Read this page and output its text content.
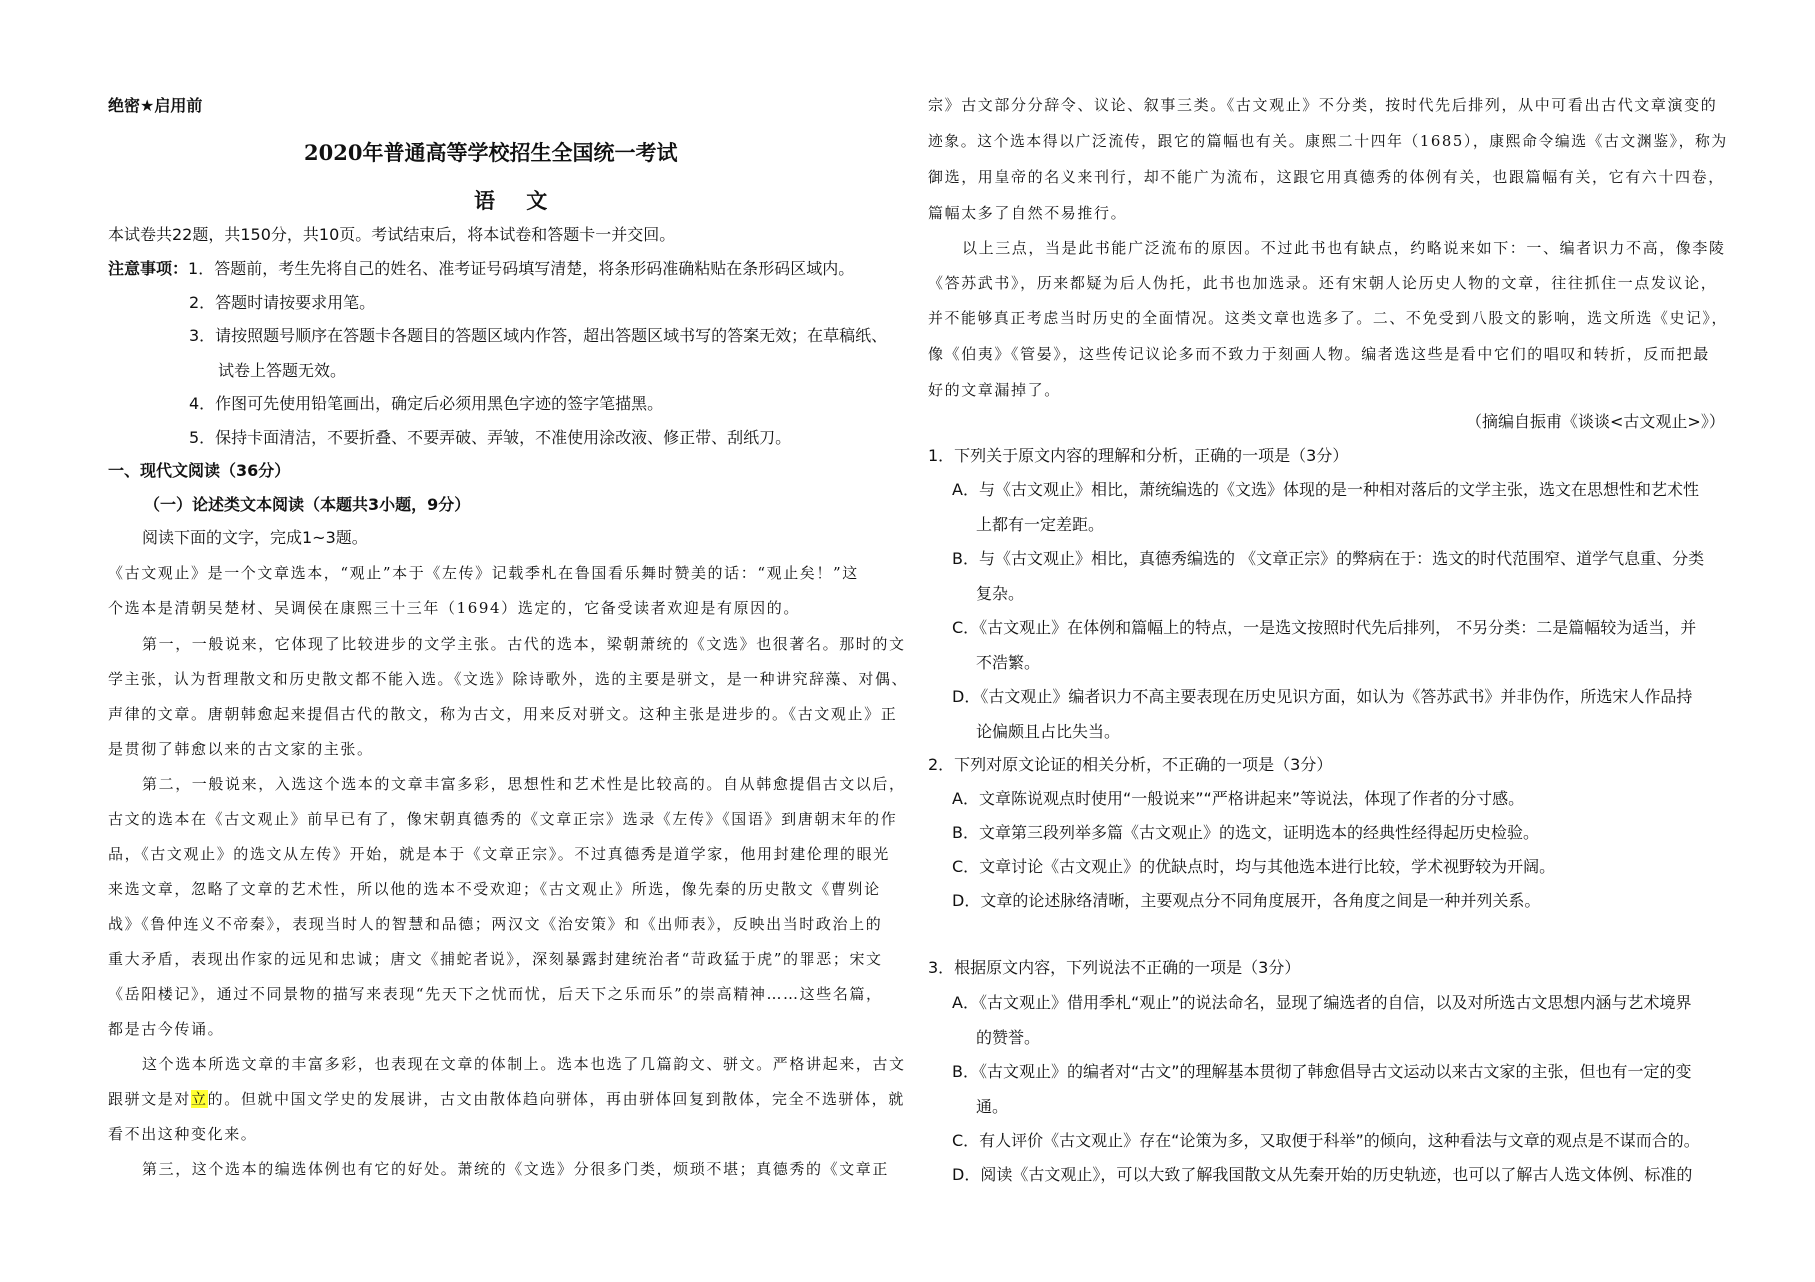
绝密★启用前
2020年普通高等学校招生全国统一考试
语 文
本试卷共22题，共150分，共10页。考试结束后，将本试卷和答题卡一并交回。
注意事项：1．答题前，考生先将自己的姓名、准考证号码填写清楚，将条形码准确粘贴在条形码区域内。
2．答题时请按要求用笔。
3．请按照题号顺序在答题卡各题目的答题区域内作答，超出答题区域书写的答案无效；在草稿纸、
试卷上答题无效。
4．作图可先使用铅笔画出，确定后必须用黑色字迹的签字笔描黑。
5．保持卡面清洁，不要折叠、不要弄破、弄皱，不准使用涂改液、修正带、刮纸刀。
一、现代文阅读（36分）
（一）论述类文本阅读（本题共3小题，9分）
阅读下面的文字，完成1~3题。
《古文观止》是一个文章选本，“观止”本于《左传》记载季札在鲁国看乐舞时赞美的话：“观止矣！”这
个选本是清朝吴楚材、吴调侯在康熙三十三年（1694）选定的，它备受读者欢迎是有原因的。
第一，一般说来，它体现了比较进步的文学主张。古代的选本，梁朝萧统的《文选》也很著名。那时的文
学主张，认为哲理散文和历史散文都不能入选。《文选》除诗歌外，选的主要是骈文，是一种讲究辞藻、对偶、
声律的文章。唐朝韩愈起来提倡古代的散文，称为古文，用来反对骈文。这种主张是进步的。《古文观止》正
是贯彻了韩愈以来的古文家的主张。
第二，一般说来，入选这个选本的文章丰富多彩，思想性和艺术性是比较高的。自从韩愈提倡古文以后，
古文的选本在《古文观止》前早已有了，像宋朝真德秀的《文章正宗》选录《左传》《国语》到唐朝末年的作
品，《古文观止》的选文从左传》开始，就是本于《文章正宗》。不过真德秀是道学家，他用封建伦理的眼光
来选文章，忽略了文章的艺术性，所以他的选本不受欢迎；《古文观止》所选，像先秦的历史散文《曹刿论
战》《鲁仲连义不帝秦》，表现当时人的智慧和品德；两汉文《治安策》和《出师表》，反映出当时政治上的
重大矛盾，表现出作家的远见和忠诚；唐文《捕蛇者说》，深刻暴露封建统治者“苛政猛于虎”的罪恶；宋文
《岳阳楼记》，通过不同景物的描写来表现“先天下之忧而忧，后天下之乐而乐”的崇高精神……这些名篇，
都是古今传诵。
这个选本所选文章的丰富多彩，也表现在文章的体制上。选本也选了几篇韵文、骈文。严格讲起来，古文
跟骈文是对立的。但就中国文学史的发展讲，古文由散体趋向骈体，再由骈体回复到散体，完全不选骈体，就
看不出这种变化来。
第三，这个选本的编选体例也有它的好处。萧统的《文选》分很多门类，烦琐不堪；真德秀的《文章正
宗》古文部分分辞令、议论、叙事三类。《古文观止》不分类，按时代先后排列，从中可看出古代文章演变的
迹象。这个选本得以广泛流传，跟它的篇幅也有关。康熙二十四年（1685），康熙命令编选《古文渊鉴》，称为
御选，用皇帝的名义来刊行，却不能广为流布，这跟它用真德秀的体例有关，也跟篇幅有关，它有六十四卷，
篇幅太多了自然不易推行。
以上三点，当是此书能广泛流布的原因。不过此书也有缺点，约略说来如下：一、编者识力不高，像李陵
《答苏武书》，历来都疑为后人伪托，此书也加选录。还有宋朝人论历史人物的文章，往往抓住一点发议论，
并不能够真正考虑当时历史的全面情况。这类文章也选多了。二、不免受到八股文的影响，选文所选《史记》，
像《伯夷》《管晏》，这些传记议论多而不致力于刻画人物。编者选这些是看中它们的唱叹和转折，反而把最
好的文章漏掉了。
（摘编自振甫《谈谈<古文观止>》）
1．下列关于原文内容的理解和分析，正确的一项是（3分）
A．与《古文观止》相比，萧统编选的《文选》体现的是一种相对落后的文学主张，选文在思想性和艺术性
上都有一定差距。
B．与《古文观止》相比，真德秀编选的 《文章正宗》的弊病在于：选文的时代范围窄、道学气息重、分类
复杂。
C．《古文观止》在体例和篇幅上的特点，一是选文按照时代先后排列， 不另分类：二是篇幅较为适当，并
不浩繁。
D．《古文观止》编者识力不高主要表现在历史见识方面，如认为《答苏武书》并非伪作，所选宋人作品持
论偏颇且占比失当。
2．下列对原文论证的相关分析，不正确的一项是（3分）
A．文章陈说观点时使用“一般说来”“严格讲起来”等说法，体现了作者的分寸感。
B．文章第三段列举多篇《古文观止》的选文，证明选本的经典性经得起历史检验。
C．文章讨论《古文观止》的优缺点时，均与其他选本进行比较，学术视野较为开阔。
D．文章的论述脉络清晰，主要观点分不同角度展开，各角度之间是一种并列关系。
3．根据原文内容，下列说法不正确的一项是（3分）
A．《古文观止》借用季札“观止”的说法命名，显现了编选者的自信，以及对所选古文思想内涵与艺术境界
的赞誉。
B．《古文观止》的编者对“古文”的理解基本贯彻了韩愈倡导古文运动以来古文家的主张，但也有一定的变
通。
C．有人评价《古文观止》存在“论策为多，又取便于科举”的倾向，这种看法与文章的观点是不谋而合的。
D．阅读《古文观止》，可以大致了解我国散文从先秦开始的历史轨迹，也可以了解古人选文体例、标准的
